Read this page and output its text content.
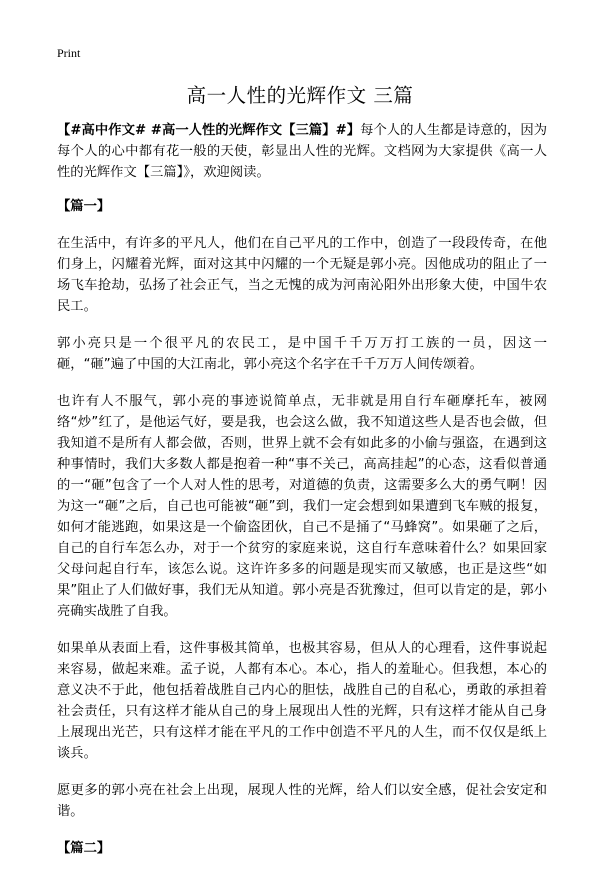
Print
高一人性的光辉作文 三篇

【#高中作文# #高一人性的光辉作文【三篇】#】每个人的人生都是诗意的，因为每个人的心中都有花一般的天使，彰显出人性的光辉。文档网为大家提供《高一人性的光辉作文【三篇】》，欢迎阅读。

【篇一】

在生活中，有许多的平凡人，他们在自己平凡的工作中，创造了一段段传奇，在他们身上，闪耀着光辉，面对这其中闪耀的一个无疑是郭小亮。因他成功的阻止了一场飞车抢劫，弘扬了社会正气，当之无愧的成为河南沁阳外出形象大使，中国牛农民工。

郭小亮只是一个很平凡的农民工，是中国千千万万打工族的一员，因这一砸，“砸”遍了中国的大江南北，郭小亮这个名字在千千万万人间传颂着。

也许有人不服气，郭小亮的事迹说简单点，无非就是用自行车砸摩托车，被网络“炒”红了，是他运气好，要是我，也会这么做，我不知道这些人是否也会做，但我知道不是所有人都会做，否则，世界上就不会有如此多的小偷与强盗，在遇到这种事情时，我们大多数人都是抱着一种“事不关己，高高挂起”的心态，这看似普通的一“砸”包含了一个人对人性的思考，对道德的负责，这需要多么大的勇气啊！因为这一“砸”之后，自己也可能被“砸”到，我们一定会想到如果遭到飞车贼的报复，如何才能逃跑，如果这是一个偷盗团伙，自己不是捅了“马蜂窝”。如果砸了之后，自己的自行车怎么办，对于一个贫穷的家庭来说，这自行车意味着什么？如果回家父母问起自行车，该怎么说。这许许多多的问题是现实而又敏感，也正是这些“如果”阻止了人们做好事，我们无从知道。郭小亮是否犹豫过，但可以肯定的是，郭小亮确实战胜了自我。

如果单从表面上看，这件事极其简单，也极其容易，但从人的心理看，这件事说起来容易，做起来难。孟子说，人都有本心。本心，指人的羞耻心。但我想，本心的意义决不于此，他包括着战胜自己内心的胆怯，战胜自己的自私心，勇敢的承担着社会责任，只有这样才能从自己的身上展现出人性的光辉，只有这样才能从自己身上展现出光芒，只有这样才能在平凡的工作中创造不平凡的人生，而不仅仅是纸上谈兵。

愿更多的郭小亮在社会上出现，展现人性的光辉，给人们以安全感，促社会安定和谐。

【篇二】
